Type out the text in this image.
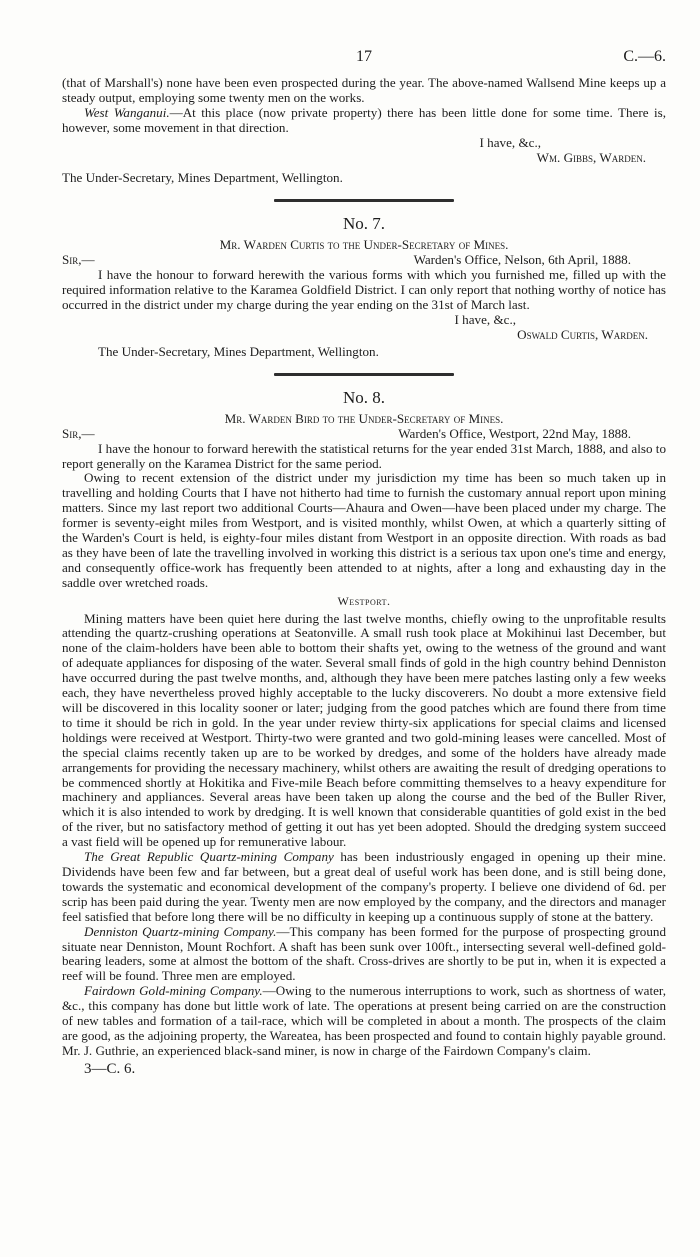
17	C.—6.

(that of Marshall's) none have been even prospected during the year. The above-named Wallsend Mine keeps up a steady output, employing some twenty men on the works.

West Wanganui.—At this place (now private property) there has been little done for some time. There is, however, some movement in that direction.

I have, &c.,
Wm. Gibbs, Warden.

The Under-Secretary, Mines Department, Wellington.

No. 7.
Mr. Warden Curtis to the Under-Secretary of Mines.
Sir,—	Warden's Office, Nelson, 6th April, 1888.

I have the honour to forward herewith the various forms with which you furnished me, filled up with the required information relative to the Karamea Goldfield District. I can only report that nothing worthy of notice has occurred in the district under my charge during the year ending on the 31st of March last.

I have, &c.,
Oswald Curtis, Warden.

The Under-Secretary, Mines Department, Wellington.

No. 8.
Mr. Warden Bird to the Under-Secretary of Mines.
Sir,—	Warden's Office, Westport, 22nd May, 1888.

I have the honour to forward herewith the statistical returns for the year ended 31st March, 1888, and also to report generally on the Karamea District for the same period.

Owing to recent extension of the district under my jurisdiction my time has been so much taken up in travelling and holding Courts that I have not hitherto had time to furnish the customary annual report upon mining matters. Since my last report two additional Courts—Ahaura and Owen—have been placed under my charge. The former is seventy-eight miles from Westport, and is visited monthly, whilst Owen, at which a quarterly sitting of the Warden's Court is held, is eighty-four miles distant from Westport in an opposite direction. With roads as bad as they have been of late the travelling involved in working this district is a serious tax upon one's time and energy, and consequently office-work has frequently been attended to at nights, after a long and exhausting day in the saddle over wretched roads.

Westport.

Mining matters have been quiet here during the last twelve months, chiefly owing to the unprofitable results attending the quartz-crushing operations at Seatonville. A small rush took place at Mokihinui last December, but none of the claim-holders have been able to bottom their shafts yet, owing to the wetness of the ground and want of adequate appliances for disposing of the water. Several small finds of gold in the high country behind Denniston have occurred during the past twelve months, and, although they have been mere patches lasting only a few weeks each, they have nevertheless proved highly acceptable to the lucky discoverers. No doubt a more extensive field will be discovered in this locality sooner or later; judging from the good patches which are found there from time to time it should be rich in gold. In the year under review thirty-six applications for special claims and licensed holdings were received at Westport. Thirty-two were granted and two gold-mining leases were cancelled. Most of the special claims recently taken up are to be worked by dredges, and some of the holders have already made arrangements for providing the necessary machinery, whilst others are awaiting the result of dredging operations to be commenced shortly at Hokitika and Five-mile Beach before committing themselves to a heavy expenditure for machinery and appliances. Several areas have been taken up along the course and the bed of the Buller River, which it is also intended to work by dredging. It is well known that considerable quantities of gold exist in the bed of the river, but no satisfactory method of getting it out has yet been adopted. Should the dredging system succeed a vast field will be opened up for remunerative labour.

The Great Republic Quartz-mining Company has been industriously engaged in opening up their mine. Dividends have been few and far between, but a great deal of useful work has been done, and is still being done, towards the systematic and economical development of the company's property. I believe one dividend of 6d. per scrip has been paid during the year. Twenty men are now employed by the company, and the directors and manager feel satisfied that before long there will be no difficulty in keeping up a continuous supply of stone at the battery.

Denniston Quartz-mining Company.—This company has been formed for the purpose of prospecting ground situate near Denniston, Mount Rochfort. A shaft has been sunk over 100ft., intersecting several well-defined gold-bearing leaders, some at almost the bottom of the shaft. Cross-drives are shortly to be put in, when it is expected a reef will be found. Three men are employed.

Fairdown Gold-mining Company.—Owing to the numerous interruptions to work, such as shortness of water, &c., this company has done but little work of late. The operations at present being carried on are the construction of new tables and formation of a tail-race, which will be completed in about a month. The prospects of the claim are good, as the adjoining property, the Wareatea, has been prospected and found to contain highly payable ground. Mr. J. Guthrie, an experienced black-sand miner, is now in charge of the Fairdown Company's claim.

3—C. 6.
